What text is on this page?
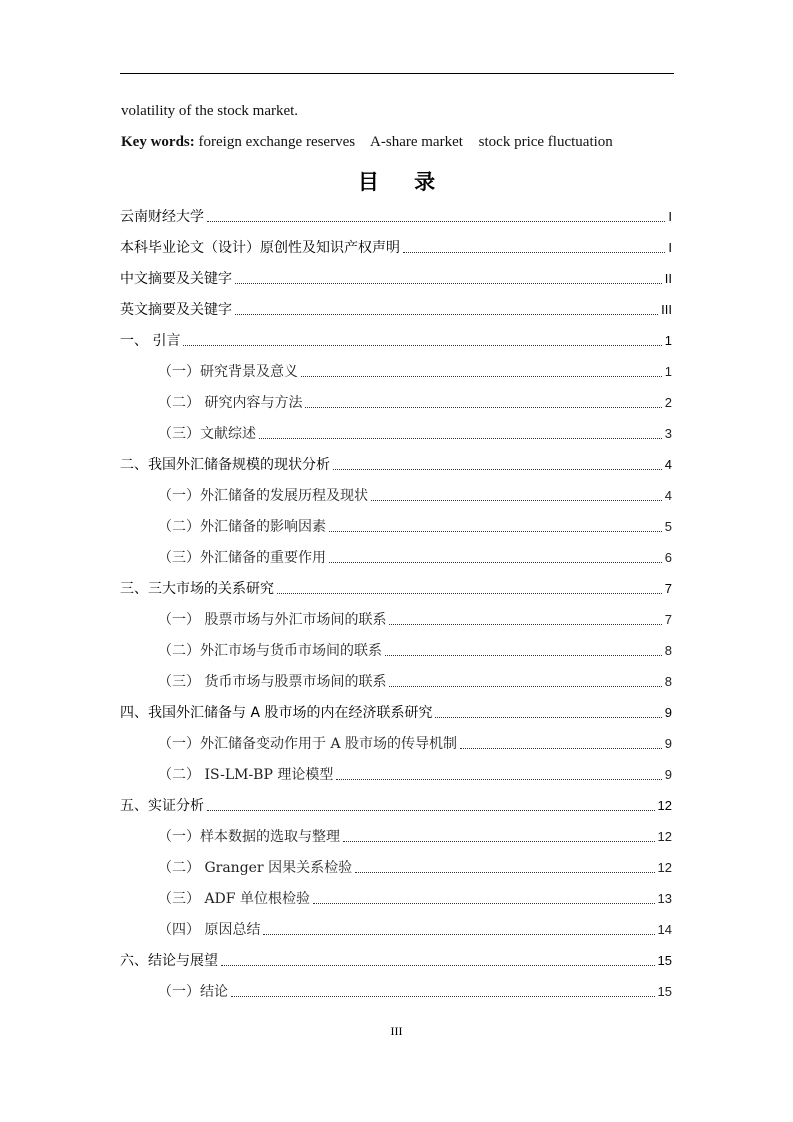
volatility of the stock market.
Key words: foreign exchange reserves A-share market stock price fluctuation
目 录
云南财经大学	I
本科毕业论文（设计）原创性及知识产权声明	I
中文摘要及关键字	II
英文摘要及关键字	III
一、 引言	1
（一）研究背景及意义	1
（二） 研究内容与方法	2
（三）文献综述	3
二、我国外汇储备规模的现状分析	4
（一）外汇储备的发展历程及现状	4
（二）外汇储备的影响因素	5
（三）外汇储备的重要作用	6
三、三大市场的关系研究	7
（一） 股票市场与外汇市场间的联系	7
（二）外汇市场与货币市场间的联系	8
（三） 货币市场与股票市场间的联系	8
四、我国外汇储备与 A 股市场的内在经济联系研究	9
（一）外汇储备变动作用于 A 股市场的传导机制	9
（二） IS-LM-BP 理论模型	9
五、实证分析	12
（一）样本数据的选取与整理	12
（二） Granger 因果关系检验	12
（三） ADF 单位根检验	13
（四） 原因总结	14
六、结论与展望	15
（一）结论	15
III
